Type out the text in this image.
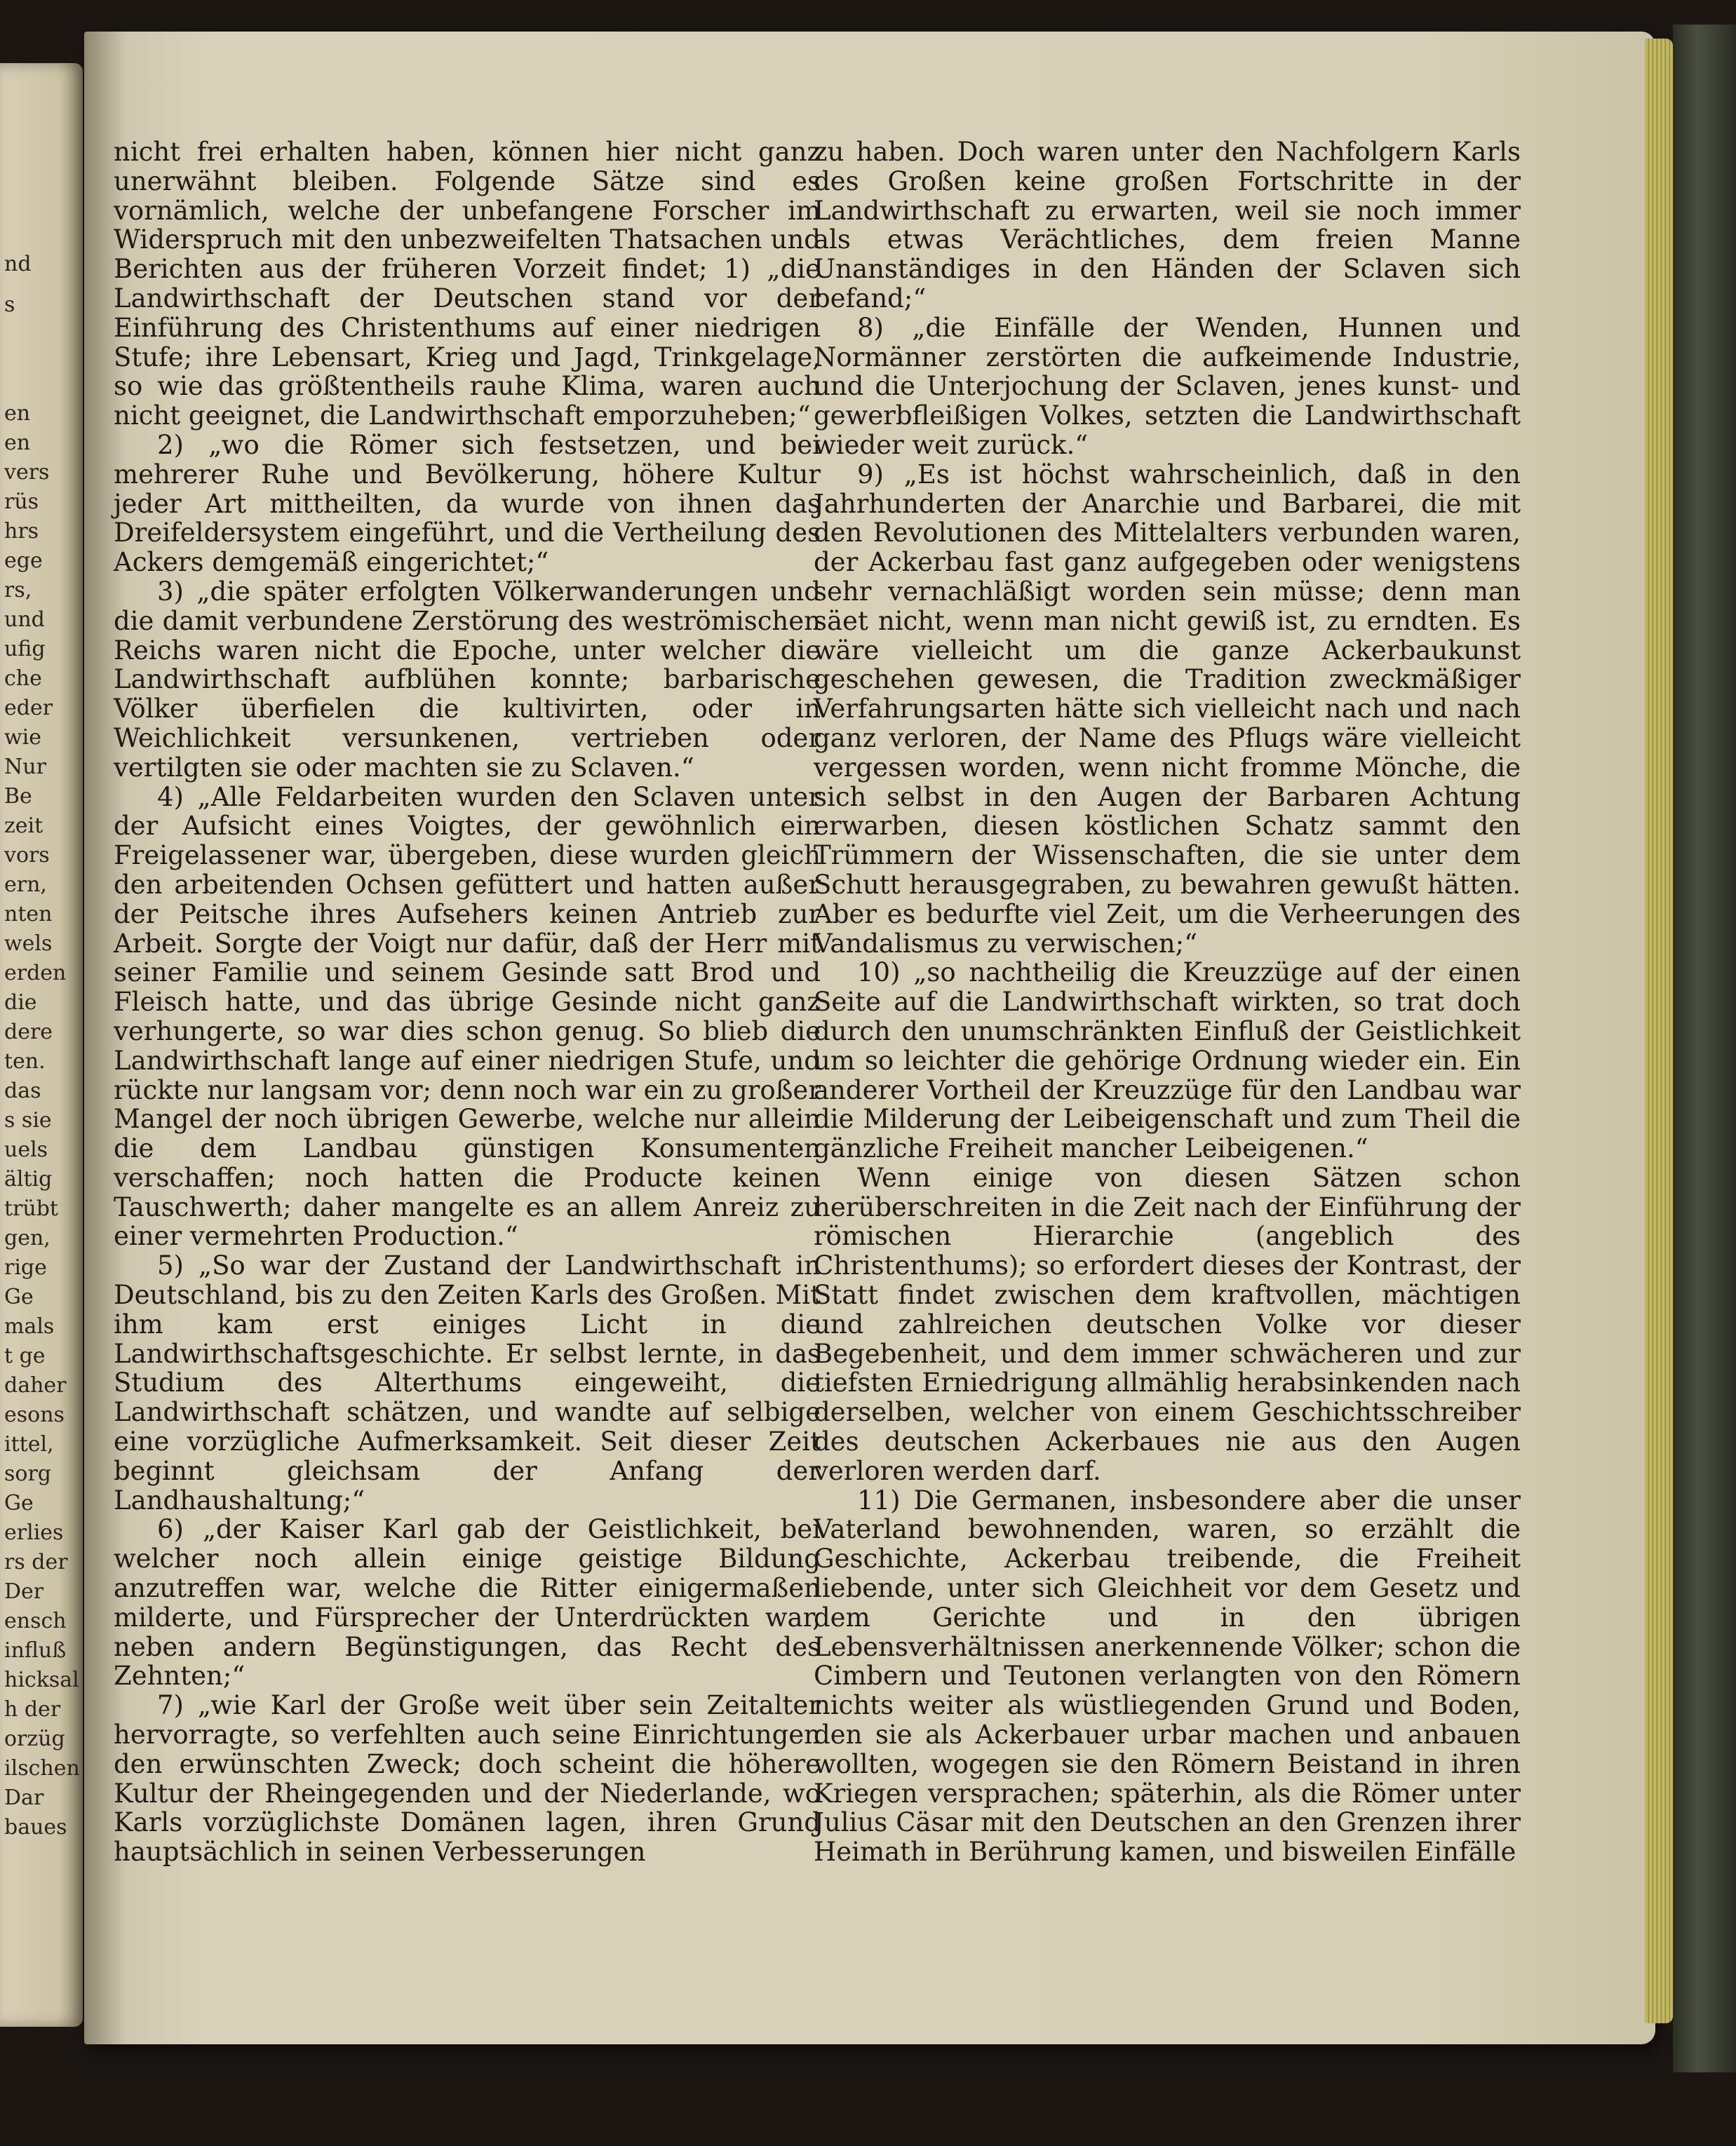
nd
s
en
en
vers
rüs
hrs
ege
rs,
und
ufig
che
eder
wie
Nur
Be
zeit
vors
ern,
nten
wels
erden
die
dere
ten.
das
s sie
uels
ältig
trübt
gen,
rige
Ge
mals
t ge
daher
esons
ittel,
sorg
Ge
erlies
rs der
Der
ensch
influß
hicksal
h der
orzüg
ilschen
Dar
baues

nicht frei erhalten haben, können hier nicht ganz unerwähnt bleiben. Folgende Sätze sind es vornämlich, welche der unbefangene Forscher im Widerspruch mit den unbezweifelten Thatsachen und Berichten aus der früheren Vorzeit findet; 1) „die Landwirthschaft der Deutschen stand vor der Einführung des Christenthums auf einer niedrigen Stufe; ihre Lebensart, Krieg und Jagd, Trinkgelage, so wie das größtentheils rauhe Klima, waren auch nicht geeignet, die Landwirthschaft emporzuheben;“

2) „wo die Römer sich festsetzen, und bei mehrerer Ruhe und Bevölkerung, höhere Kultur jeder Art mittheilten, da wurde von ihnen das Dreifeldersystem eingeführt, und die Vertheilung des Ackers demgemäß eingerichtet;“

3) „die später erfolgten Völkerwanderungen und die damit verbundene Zerstörung des weströmischen Reichs waren nicht die Epoche, unter welcher die Landwirthschaft aufblühen konnte; barbarische Völker überfielen die kultivirten, oder in Weichlichkeit versunkenen, vertrieben oder vertilgten sie oder machten sie zu Sclaven.“

4) „Alle Feldarbeiten wurden den Sclaven unter der Aufsicht eines Voigtes, der gewöhnlich ein Freigelassener war, übergeben, diese wurden gleich den arbeitenden Ochsen gefüttert und hatten außer der Peitsche ihres Aufsehers keinen Antrieb zur Arbeit. Sorgte der Voigt nur dafür, daß der Herr mit seiner Familie und seinem Gesinde satt Brod und Fleisch hatte, und das übrige Gesinde nicht ganz verhungerte, so war dies schon genug. So blieb die Landwirthschaft lange auf einer niedrigen Stufe, und rückte nur langsam vor; denn noch war ein zu großer Mangel der noch übrigen Gewerbe, welche nur allein die dem Landbau günstigen Konsumenten verschaffen; noch hatten die Producte keinen Tauschwerth; daher mangelte es an allem Anreiz zu einer vermehrten Production.“

5) „So war der Zustand der Landwirthschaft in Deutschland, bis zu den Zeiten Karls des Großen. Mit ihm kam erst einiges Licht in die Landwirthschaftsgeschichte. Er selbst lernte, in das Studium des Alterthums eingeweiht, die Landwirthschaft schätzen, und wandte auf selbige eine vorzügliche Aufmerksamkeit. Seit dieser Zeit beginnt gleichsam der Anfang der Landhaushaltung;“

6) „der Kaiser Karl gab der Geistlichkeit, bei welcher noch allein einige geistige Bildung anzutreffen war, welche die Ritter einigermaßen milderte, und Fürsprecher der Unterdrückten war, neben andern Begünstigungen, das Recht des Zehnten;“

7) „wie Karl der Große weit über sein Zeitalter hervorragte, so verfehlten auch seine Einrichtungen den erwünschten Zweck; doch scheint die höhere Kultur der Rheingegenden und der Niederlande, wo Karls vorzüglichste Domänen lagen, ihren Grund hauptsächlich in seinen Verbesserungen

zu haben. Doch waren unter den Nachfolgern Karls des Großen keine großen Fortschritte in der Landwirthschaft zu erwarten, weil sie noch immer als etwas Verächtliches, dem freien Manne Unanständiges in den Händen der Sclaven sich befand;“

8) „die Einfälle der Wenden, Hunnen und Normänner zerstörten die aufkeimende Industrie, und die Unterjochung der Sclaven, jenes kunst- und gewerbfleißigen Volkes, setzten die Landwirthschaft wieder weit zurück.“

9) „Es ist höchst wahrscheinlich, daß in den Jahrhunderten der Anarchie und Barbarei, die mit den Revolutionen des Mittelalters verbunden waren, der Ackerbau fast ganz aufgegeben oder wenigstens sehr vernachläßigt worden sein müsse; denn man säet nicht, wenn man nicht gewiß ist, zu erndten. Es wäre vielleicht um die ganze Ackerbaukunst geschehen gewesen, die Tradition zweckmäßiger Verfahrungsarten hätte sich vielleicht nach und nach ganz verloren, der Name des Pflugs wäre vielleicht vergessen worden, wenn nicht fromme Mönche, die sich selbst in den Augen der Barbaren Achtung erwarben, diesen köstlichen Schatz sammt den Trümmern der Wissenschaften, die sie unter dem Schutt herausgegraben, zu bewahren gewußt hätten. Aber es bedurfte viel Zeit, um die Verheerungen des Vandalismus zu verwischen;“

10) „so nachtheilig die Kreuzzüge auf der einen Seite auf die Landwirthschaft wirkten, so trat doch durch den unumschränkten Einfluß der Geistlichkeit um so leichter die gehörige Ordnung wieder ein. Ein anderer Vortheil der Kreuzzüge für den Landbau war die Milderung der Leibeigenschaft und zum Theil die gänzliche Freiheit mancher Leibeigenen.“

Wenn einige von diesen Sätzen schon herüberschreiten in die Zeit nach der Einführung der römischen Hierarchie (angeblich des Christenthums); so erfordert dieses der Kontrast, der Statt findet zwischen dem kraftvollen, mächtigen und zahlreichen deutschen Volke vor dieser Begebenheit, und dem immer schwächeren und zur tiefsten Erniedrigung allmählig herabsinkenden nach derselben, welcher von einem Geschichtsschreiber des deutschen Ackerbaues nie aus den Augen verloren werden darf.

11) Die Germanen, insbesondere aber die unser Vaterland bewohnenden, waren, so erzählt die Geschichte, Ackerbau treibende, die Freiheit liebende, unter sich Gleichheit vor dem Gesetz und dem Gerichte und in den übrigen Lebensverhältnissen anerkennende Völker; schon die Cimbern und Teutonen verlangten von den Römern nichts weiter als wüstliegenden Grund und Boden, den sie als Ackerbauer urbar machen und anbauen wollten, wogegen sie den Römern Beistand in ihren Kriegen versprachen; späterhin, als die Römer unter Julius Cäsar mit den Deutschen an den Grenzen ihrer Heimath in Berührung kamen, und bisweilen Einfälle
